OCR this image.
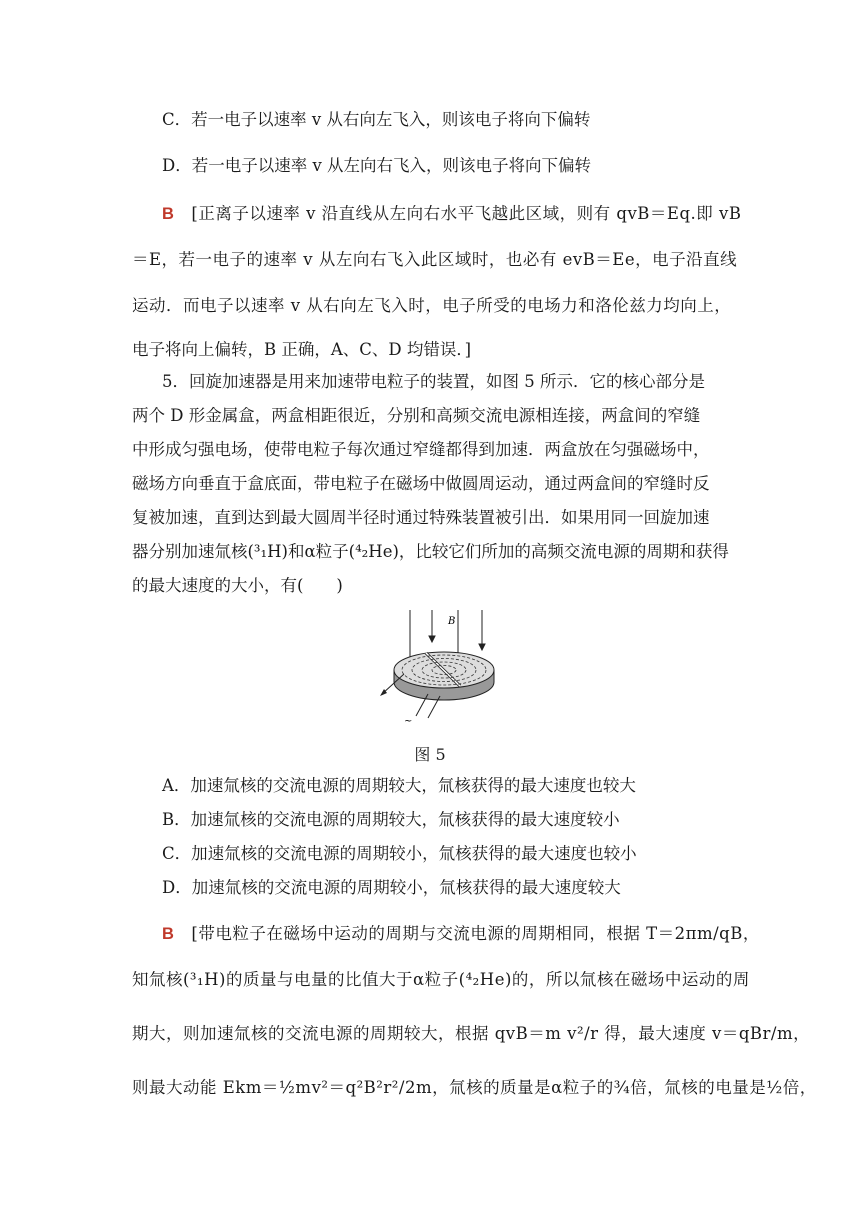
C．若一电子以速率 v 从右向左飞入，则该电子将向下偏转
D．若一电子以速率 v 从左向右飞入，则该电子将向下偏转
B　 [正离子以速率 v 沿直线从左向右水平飞越此区域，则有 qvB＝Eq.即 vB
＝E，若一电子的速率 v 从左向右飞入此区域时，也必有 evB＝Ee，电子沿直线
运动．而电子以速率 v 从右向左飞入时，电子所受的电场力和洛伦兹力均向上，
电子将向上偏转，B 正确，A、C、D 均错误．]
5．回旋加速器是用来加速带电粒子的装置，如图 5 所示．它的核心部分是
两个 D 形金属盒，两盒相距很近，分别和高频交流电源相连接，两盒间的窄缝
中形成匀强电场，使带电粒子每次通过窄缝都得到加速．两盒放在匀强磁场中，
磁场方向垂直于盒底面，带电粒子在磁场中做圆周运动，通过两盒间的窄缝时反
复被加速，直到达到最大圆周半径时通过特殊装置被引出．如果用同一回旋加速
器分别加速氚核(³₁H)和α粒子(⁴₂He)，比较它们所加的高频交流电源的周期和获得
的最大速度的大小，有(　　)
A．加速氚核的交流电源的周期较大，氚核获得的最大速度也较大
B．加速氚核的交流电源的周期较大，氚核获得的最大速度较小
C．加速氚核的交流电源的周期较小，氚核获得的最大速度也较小
D．加速氚核的交流电源的周期较小，氚核获得的最大速度较大
B　 [带电粒子在磁场中运动的周期与交流电源的周期相同，根据 T＝2πm/qB，
知氚核(³₁H)的质量与电量的比值大于α粒子(⁴₂He)的，所以氚核在磁场中运动的周
期大，则加速氚核的交流电源的周期较大，根据 qvB＝m v²/r 得，最大速度 v＝qBr/m，
则最大动能 Ekm＝½mv²＝q²B²r²/2m，氚核的质量是α粒子的¾倍，氚核的电量是½倍，
B
~
图 5
